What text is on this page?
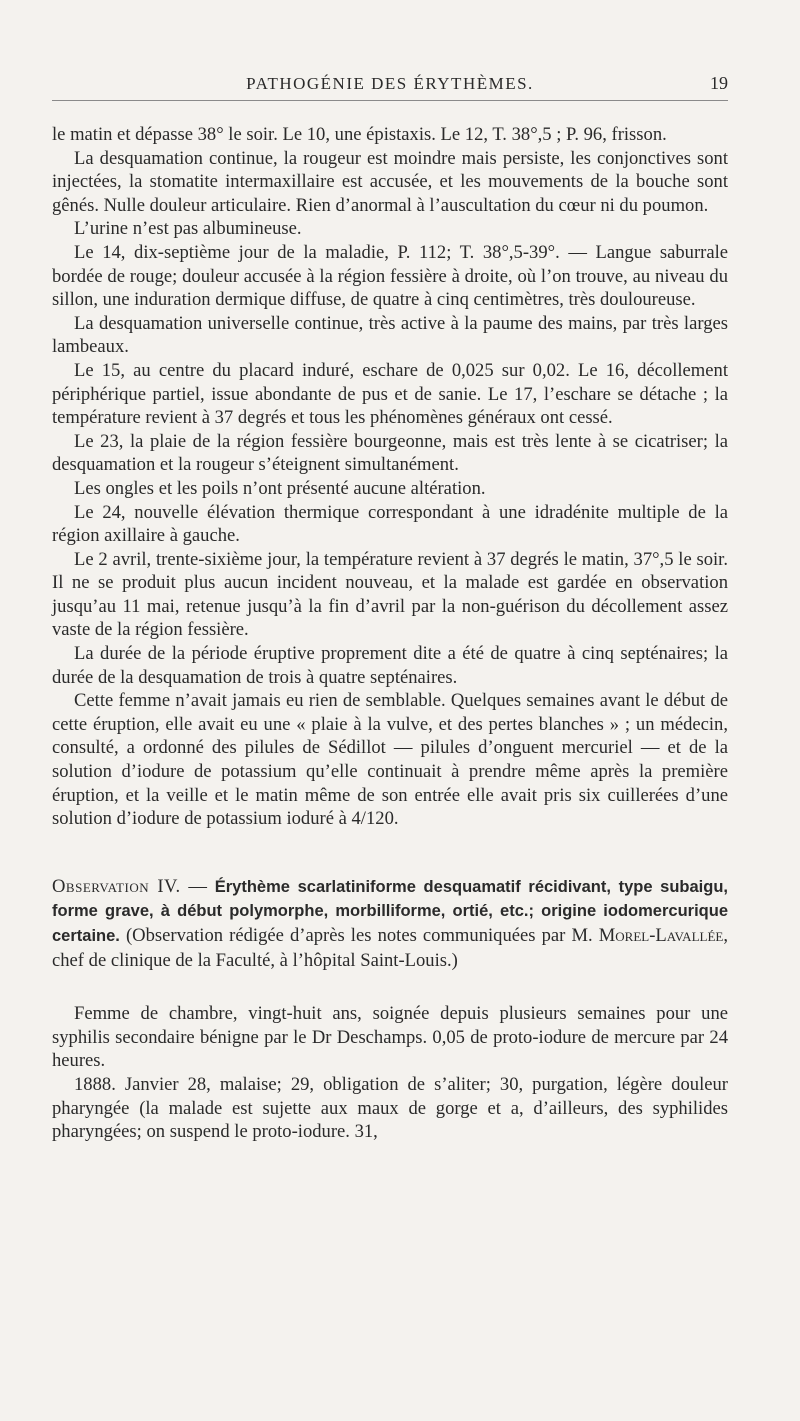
PATHOGÉNIE DES ÉRYTHÈMES.	19

le matin et dépasse 38° le soir. Le 10, une épistaxis. Le 12, T. 38°,5 ; P. 96, frisson.

La desquamation continue, la rougeur est moindre mais persiste, les conjonctives sont injectées, la stomatite intermaxillaire est accusée, et les mouvements de la bouche sont gênés. Nulle douleur articulaire. Rien d’anormal à l’auscultation du cœur ni du poumon.

L’urine n’est pas albumineuse.

Le 14, dix-septième jour de la maladie, P. 112; T. 38°,5-39°. — Langue saburrale bordée de rouge; douleur accusée à la région fessière à droite, où l’on trouve, au niveau du sillon, une induration dermique diffuse, de quatre à cinq centimètres, très douloureuse.

La desquamation universelle continue, très active à la paume des mains, par très larges lambeaux.

Le 15, au centre du placard induré, eschare de 0,025 sur 0,02. Le 16, décollement périphérique partiel, issue abondante de pus et de sanie. Le 17, l’eschare se détache ; la température revient à 37 degrés et tous les phénomènes généraux ont cessé.

Le 23, la plaie de la région fessière bourgeonne, mais est très lente à se cicatriser; la desquamation et la rougeur s’éteignent simultanément.

Les ongles et les poils n’ont présenté aucune altération.

Le 24, nouvelle élévation thermique correspondant à une idradénite multiple de la région axillaire à gauche.

Le 2 avril, trente-sixième jour, la température revient à 37 degrés le matin, 37°,5 le soir. Il ne se produit plus aucun incident nouveau, et la malade est gardée en observation jusqu’au 11 mai, retenue jusqu’à la fin d’avril par la non-guérison du décollement assez vaste de la région fessière.

La durée de la période éruptive proprement dite a été de quatre à cinq septénaires; la durée de la desquamation de trois à quatre septénaires.

Cette femme n’avait jamais eu rien de semblable. Quelques semaines avant le début de cette éruption, elle avait eu une « plaie à la vulve, et des pertes blanches » ; un médecin, consulté, a ordonné des pilules de Sédillot — pilules d’onguent mercuriel — et de la solution d’iodure de potassium qu’elle continuait à prendre même après la première éruption, et la veille et le matin même de son entrée elle avait pris six cuillerées d’une solution d’iodure de potassium ioduré à 4/120.

Observation IV. — Érythème scarlatiniforme desquamatif récidivant, type subaigu, forme grave, à début polymorphe, morbilliforme, ortié, etc.; origine iodomercurique certaine. (Observation rédigée d’après les notes communiquées par M. Morel-Lavallée, chef de clinique de la Faculté, à l’hôpital Saint-Louis.)

Femme de chambre, vingt-huit ans, soignée depuis plusieurs semaines pour une syphilis secondaire bénigne par le Dr Deschamps. 0,05 de proto-iodure de mercure par 24 heures.

1888. Janvier 28, malaise; 29, obligation de s’aliter; 30, purgation, légère douleur pharyngée (la malade est sujette aux maux de gorge et a, d’ailleurs, des syphilides pharyngées; on suspend le proto-iodure. 31,
